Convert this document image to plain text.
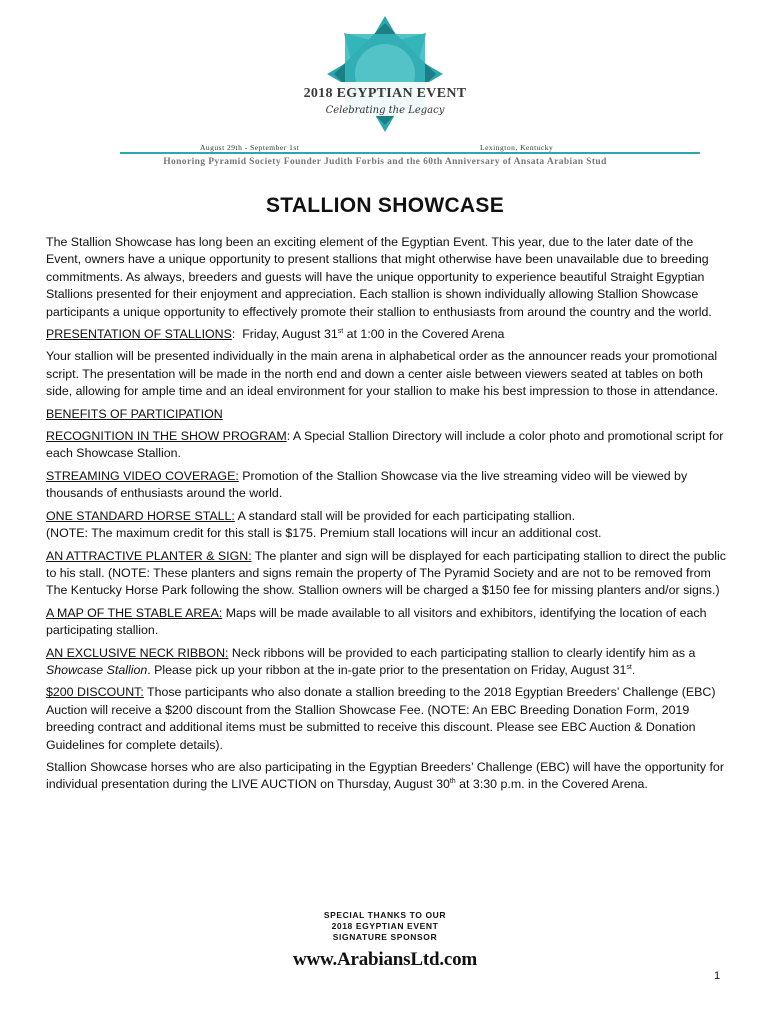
2018 EGYPTIAN EVENT
Celebrating the Legacy
August 29th - September 1st	Lexington, Kentucky
Honoring Pyramid Society Founder Judith Forbis and the 60th Anniversary of Ansata Arabian Stud
STALLION SHOWCASE

The Stallion Showcase has long been an exciting element of the Egyptian Event. This year, due to the later date of the Event, owners have a unique opportunity to present stallions that might otherwise have been unavailable due to breeding commitments. As always, breeders and guests will have the unique opportunity to experience beautiful Straight Egyptian Stallions presented for their enjoyment and appreciation. Each stallion is shown individually allowing Stallion Showcase participants a unique opportunity to effectively promote their stallion to enthusiasts from around the country and the world.

PRESENTATION OF STALLIONS:  Friday, August 31st at 1:00 in the Covered Arena

Your stallion will be presented individually in the main arena in alphabetical order as the announcer reads your promotional script. The presentation will be made in the north end and down a center aisle between viewers seated at tables on both side, allowing for ample time and an ideal environment for your stallion to make his best impression to those in attendance.

BENEFITS OF PARTICIPATION

RECOGNITION IN THE SHOW PROGRAM: A Special Stallion Directory will include a color photo and promotional script for each Showcase Stallion.

STREAMING VIDEO COVERAGE: Promotion of the Stallion Showcase via the live streaming video will be viewed by thousands of enthusiasts around the world.

ONE STANDARD HORSE STALL: A standard stall will be provided for each participating stallion.
(NOTE: The maximum credit for this stall is $175. Premium stall locations will incur an additional cost.

AN ATTRACTIVE PLANTER & SIGN: The planter and sign will be displayed for each participating stallion to direct the public to his stall. (NOTE: These planters and signs remain the property of The Pyramid Society and are not to be removed from The Kentucky Horse Park following the show. Stallion owners will be charged a $150 fee for missing planters and/or signs.)

A MAP OF THE STABLE AREA: Maps will be made available to all visitors and exhibitors, identifying the location of each participating stallion.

AN EXCLUSIVE NECK RIBBON: Neck ribbons will be provided to each participating stallion to clearly identify him as a Showcase Stallion. Please pick up your ribbon at the in-gate prior to the presentation on Friday, August 31st.

$200 DISCOUNT: Those participants who also donate a stallion breeding to the 2018 Egyptian Breeders’ Challenge (EBC) Auction will receive a $200 discount from the Stallion Showcase Fee. (NOTE: An EBC Breeding Donation Form, 2019 breeding contract and additional items must be submitted to receive this discount. Please see EBC Auction & Donation Guidelines for complete details).

Stallion Showcase horses who are also participating in the Egyptian Breeders’ Challenge (EBC) will have the opportunity for individual presentation during the LIVE AUCTION on Thursday, August 30th at 3:30 p.m. in the Covered Arena.

SPECIAL THANKS TO OUR
2018 EGYPTIAN EVENT
SIGNATURE SPONSOR
www.ArabiansLtd.com
1
